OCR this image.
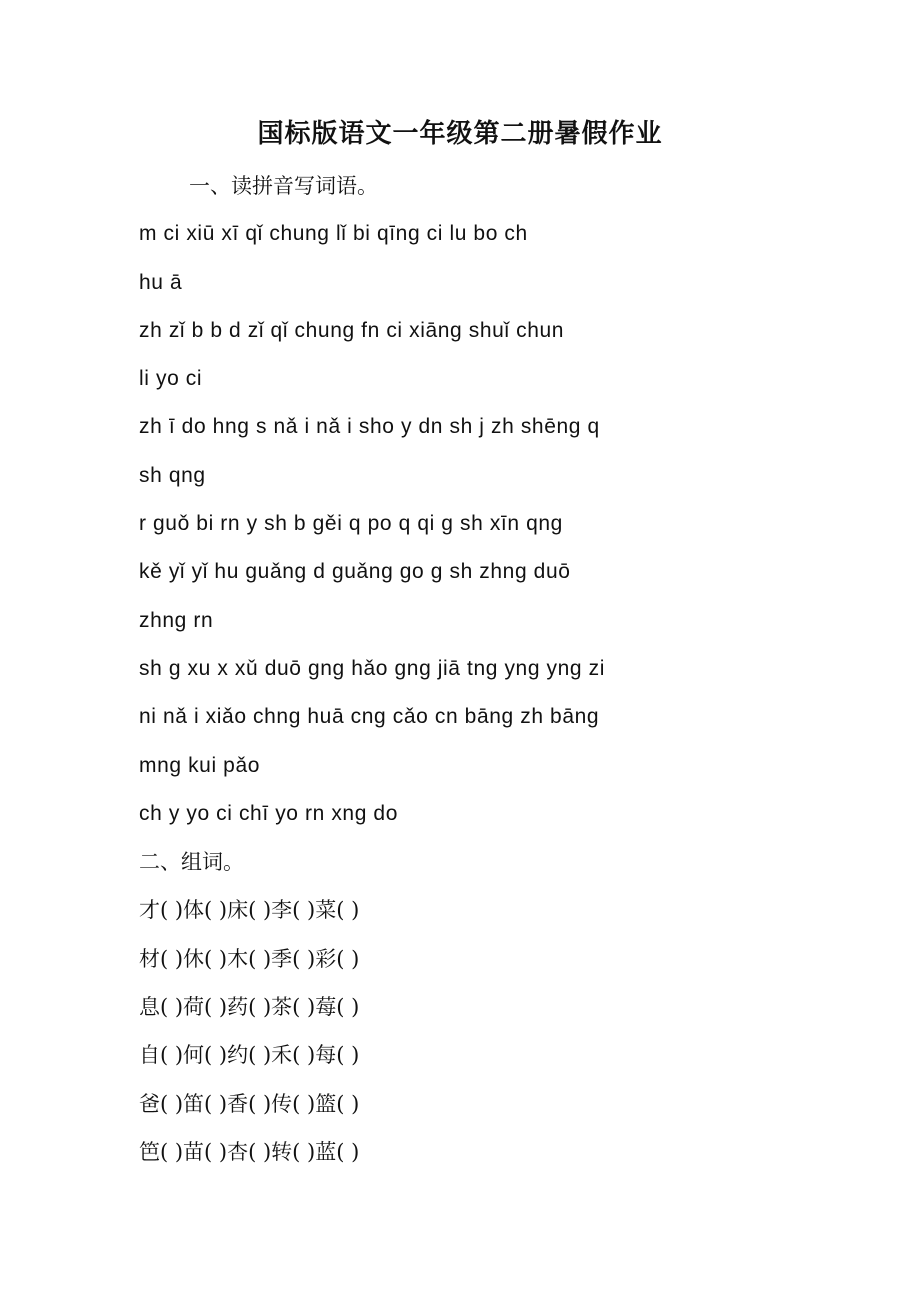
国标版语文一年级第二册暑假作业
一、读拼音写词语。
m ci xiū xī qǐ chung lǐ bi qīng ci lu bo ch
hu ā
zh zǐ b b d zǐ qǐ chung fn ci xiāng shuǐ chun
li yo ci
zh ī do hng s nǎ i nǎ i sho y dn sh j zh shēng q
sh qng
r guǒ bi rn y sh b gěi q po q qi g sh xīn qng
kě yǐ yǐ hu guǎng d guǎng go g sh zhng duō
zhng rn
sh g xu x xǔ duō gng hǎo gng jiā tng yng yng zi
ni nǎ i xiǎo chng huā cng cǎo cn bāng zh bāng
mng kui pǎo
ch y yo ci chī yo rn xng do
二、组词。
才( )体( )床( )李( )菜( )
材( )休( )木( )季( )彩( )
息( )荷( )药( )茶( )莓( )
自( )何( )约( )禾( )每( )
爸( )笛( )香( )传( )篮( )
笆( )苗( )杏( )转( )蓝( )
